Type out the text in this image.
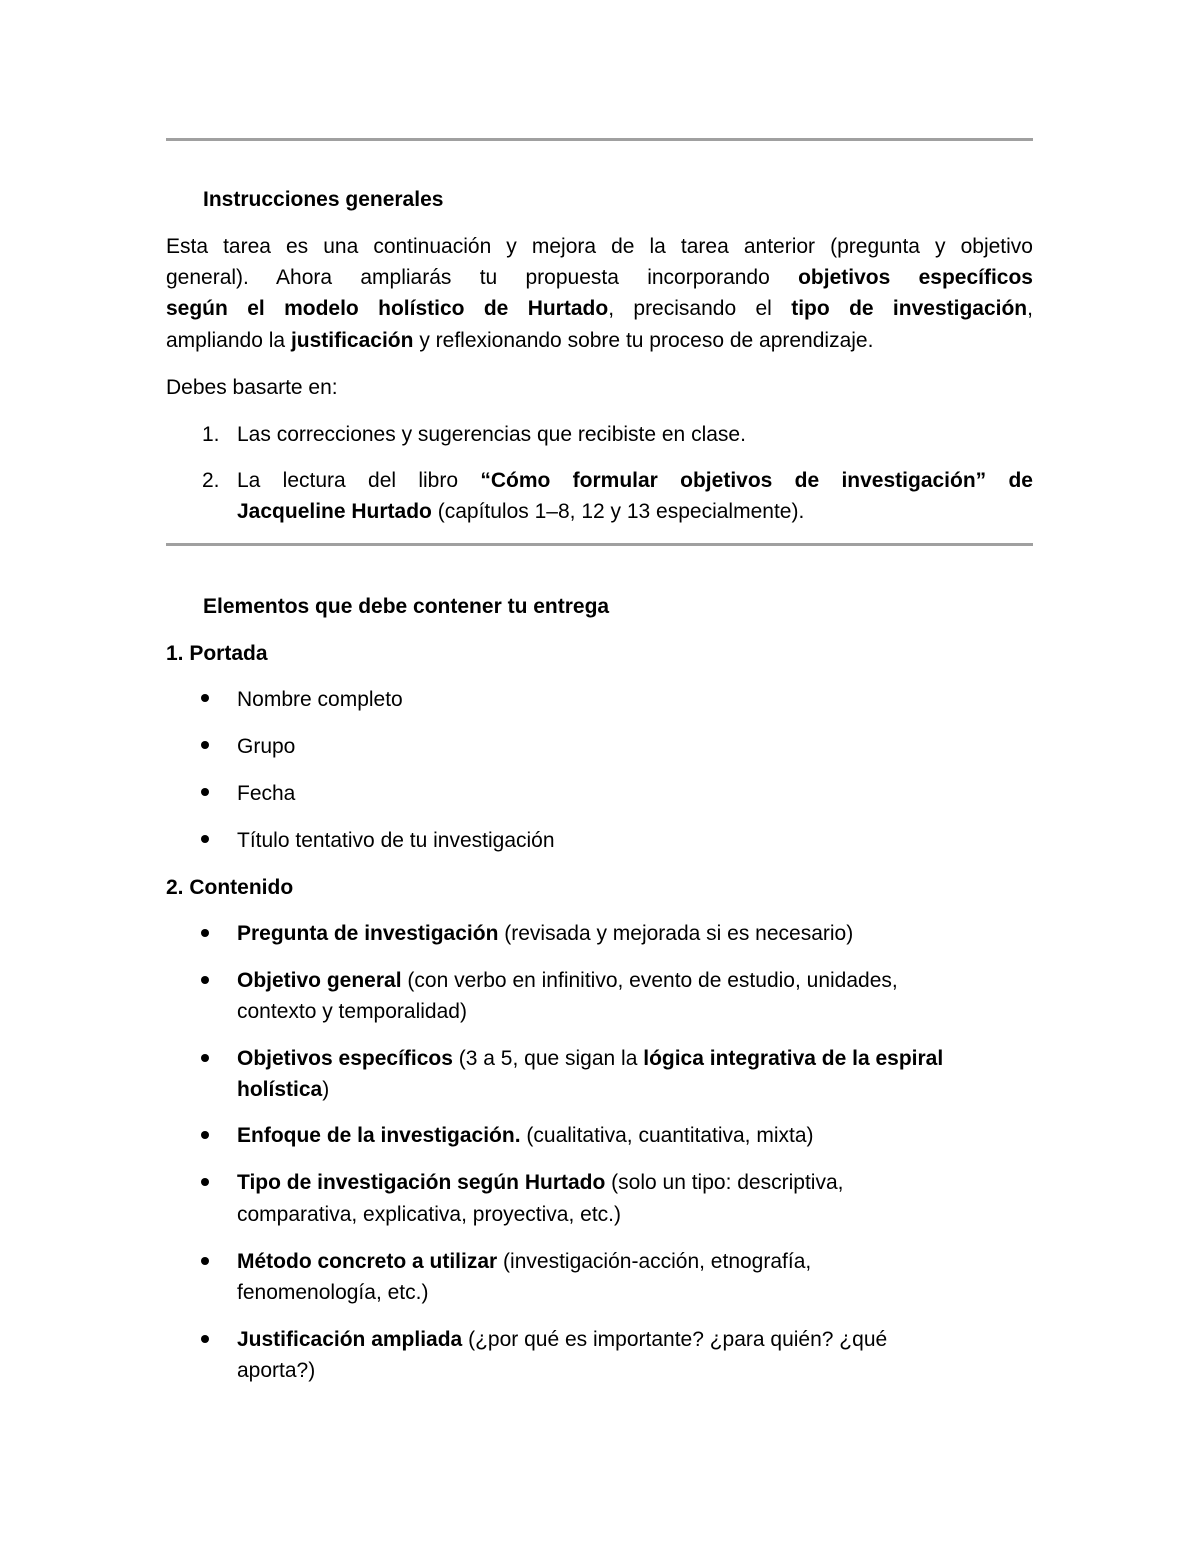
Instrucciones generales
Esta tarea es una continuación y mejora de la tarea anterior (pregunta y objetivo
general). Ahora ampliarás tu propuesta incorporando objetivos específicos
según el modelo holístico de Hurtado, precisando el tipo de investigación,
ampliando la justificación y reflexionando sobre tu proceso de aprendizaje.
Debes basarte en:
1. Las correcciones y sugerencias que recibiste en clase.
2. La lectura del libro “Cómo formular objetivos de investigación” de
Jacqueline Hurtado (capítulos 1–8, 12 y 13 especialmente).
Elementos que debe contener tu entrega
1. Portada
Nombre completo
Grupo
Fecha
Título tentativo de tu investigación
2. Contenido
Pregunta de investigación (revisada y mejorada si es necesario)
Objetivo general (con verbo en infinitivo, evento de estudio, unidades,
contexto y temporalidad)
Objetivos específicos (3 a 5, que sigan la lógica integrativa de la espiral
holística)
Enfoque de la investigación. (cualitativa, cuantitativa, mixta)
Tipo de investigación según Hurtado (solo un tipo: descriptiva,
comparativa, explicativa, proyectiva, etc.)
Método concreto a utilizar (investigación-acción, etnografía,
fenomenología, etc.)
Justificación ampliada (¿por qué es importante? ¿para quién? ¿qué
aporta?)
